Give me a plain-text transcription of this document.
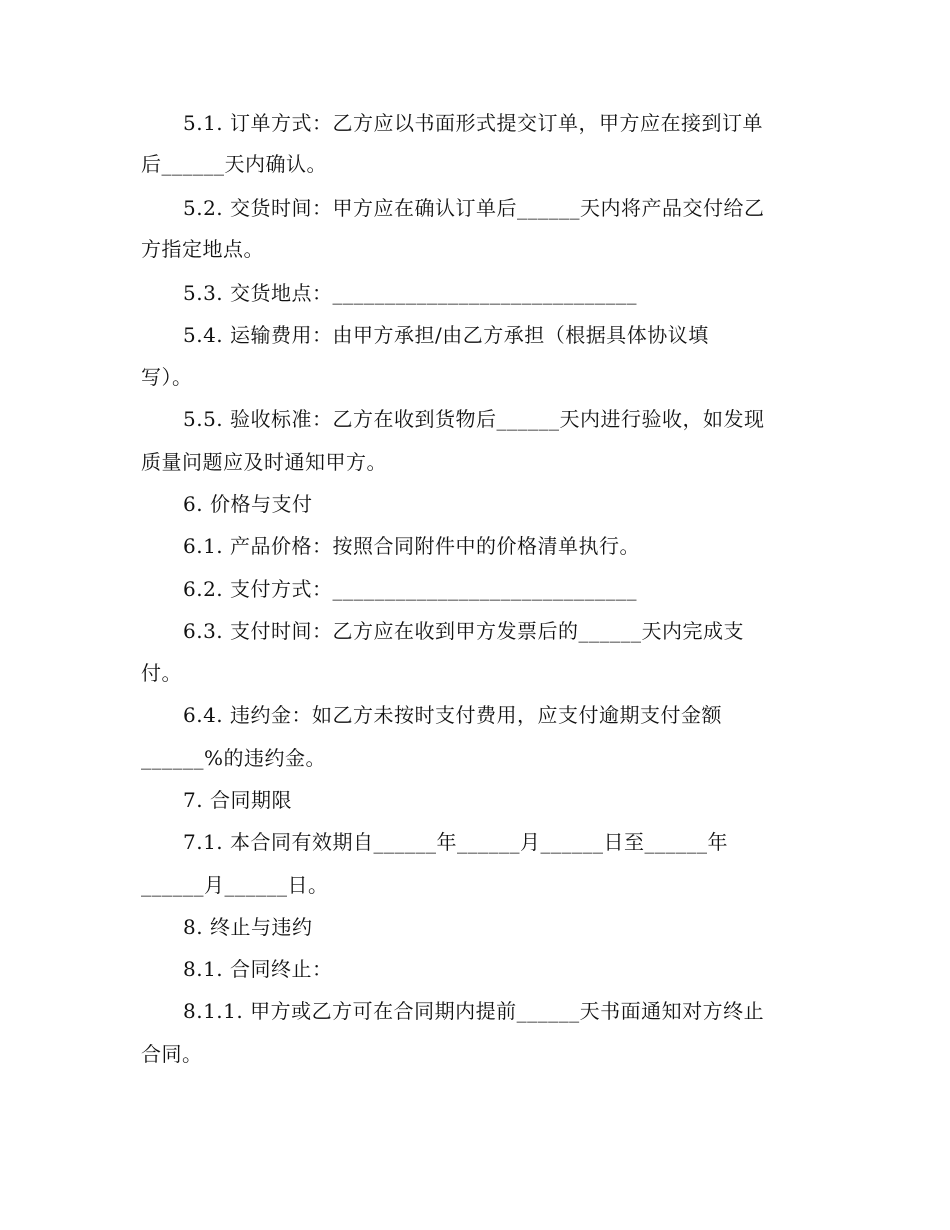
5.1. 订单方式：乙方应以书面形式提交订单，甲方应在接到订单
后______天内确认。
5.2. 交货时间：甲方应在确认订单后______天内将产品交付给乙
方指定地点。
5.3. 交货地点：_____________________________
5.4. 运输费用：由甲方承担/由乙方承担（根据具体协议填
写）。
5.5. 验收标准：乙方在收到货物后______天内进行验收，如发现
质量问题应及时通知甲方。
6. 价格与支付
6.1. 产品价格：按照合同附件中的价格清单执行。
6.2. 支付方式：_____________________________
6.3. 支付时间：乙方应在收到甲方发票后的______天内完成支
付。
6.4. 违约金：如乙方未按时支付费用，应支付逾期支付金额
______%的违约金。
7. 合同期限
7.1. 本合同有效期自______年______月______日至______年
______月______日。
8. 终止与违约
8.1. 合同终止：
8.1.1. 甲方或乙方可在合同期内提前______天书面通知对方终止
合同。
